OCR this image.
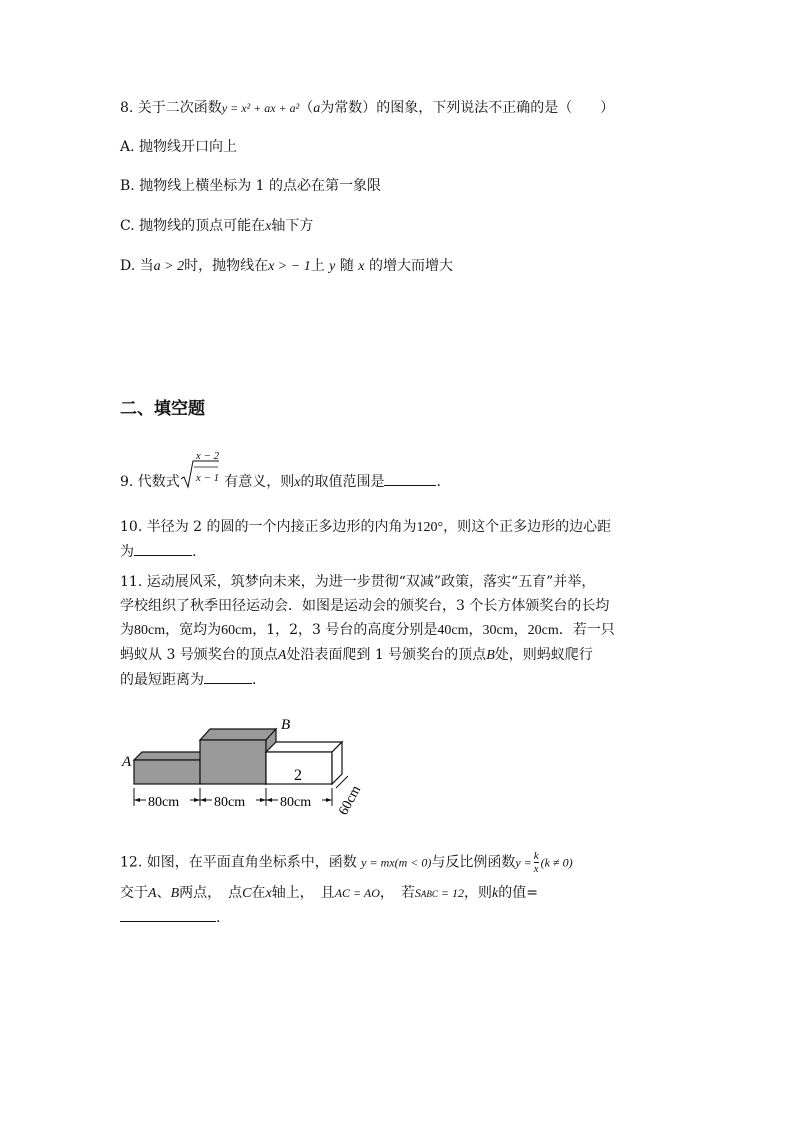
8. 关于二次函数y = x² + ax + a²（a为常数）的图象，下列说法不正确的是（　　）
A. 抛物线开口向上
B. 抛物线上横坐标为 1 的点必在第一象限
C. 抛物线的顶点可能在x轴下方
D. 当a > 2时，抛物线在x > − 1上 y 随 x 的增大而增大
二、填空题
9. 代数式
x − 2
x − 1 有意义，则x的取值范围是	.
10. 半径为 2 的圆的一个内接正多边形的内角为120°，则这个正多边形的边心距
为	.
11. 运动展风采，筑梦向未来，为进一步贯彻“双减”政策，落实“五育”并举，
学校组织了秋季田径运动会．如图是运动会的颁奖台，3 个长方体颁奖台的长均
为80cm，宽均为60cm，1，2，3 号台的高度分别是40cm，30cm，20cm．若一只
蚂蚁从 3 号颁奖台的顶点A处沿表面爬到 1 号颁奖台的顶点B处，则蚂蚁爬行
的最短距离为	.
A
B
2
80cm 80cm 80cm 60cm
12. 如图，在平面直角坐标系中，函数 y = mx(m < 0)与反比例函数$y = \frac{k}{x} (k \ne 0)$
交于A、B两点，　点C在x轴上，　且AC = AO，　若SABC = 12，则k的值=
.
